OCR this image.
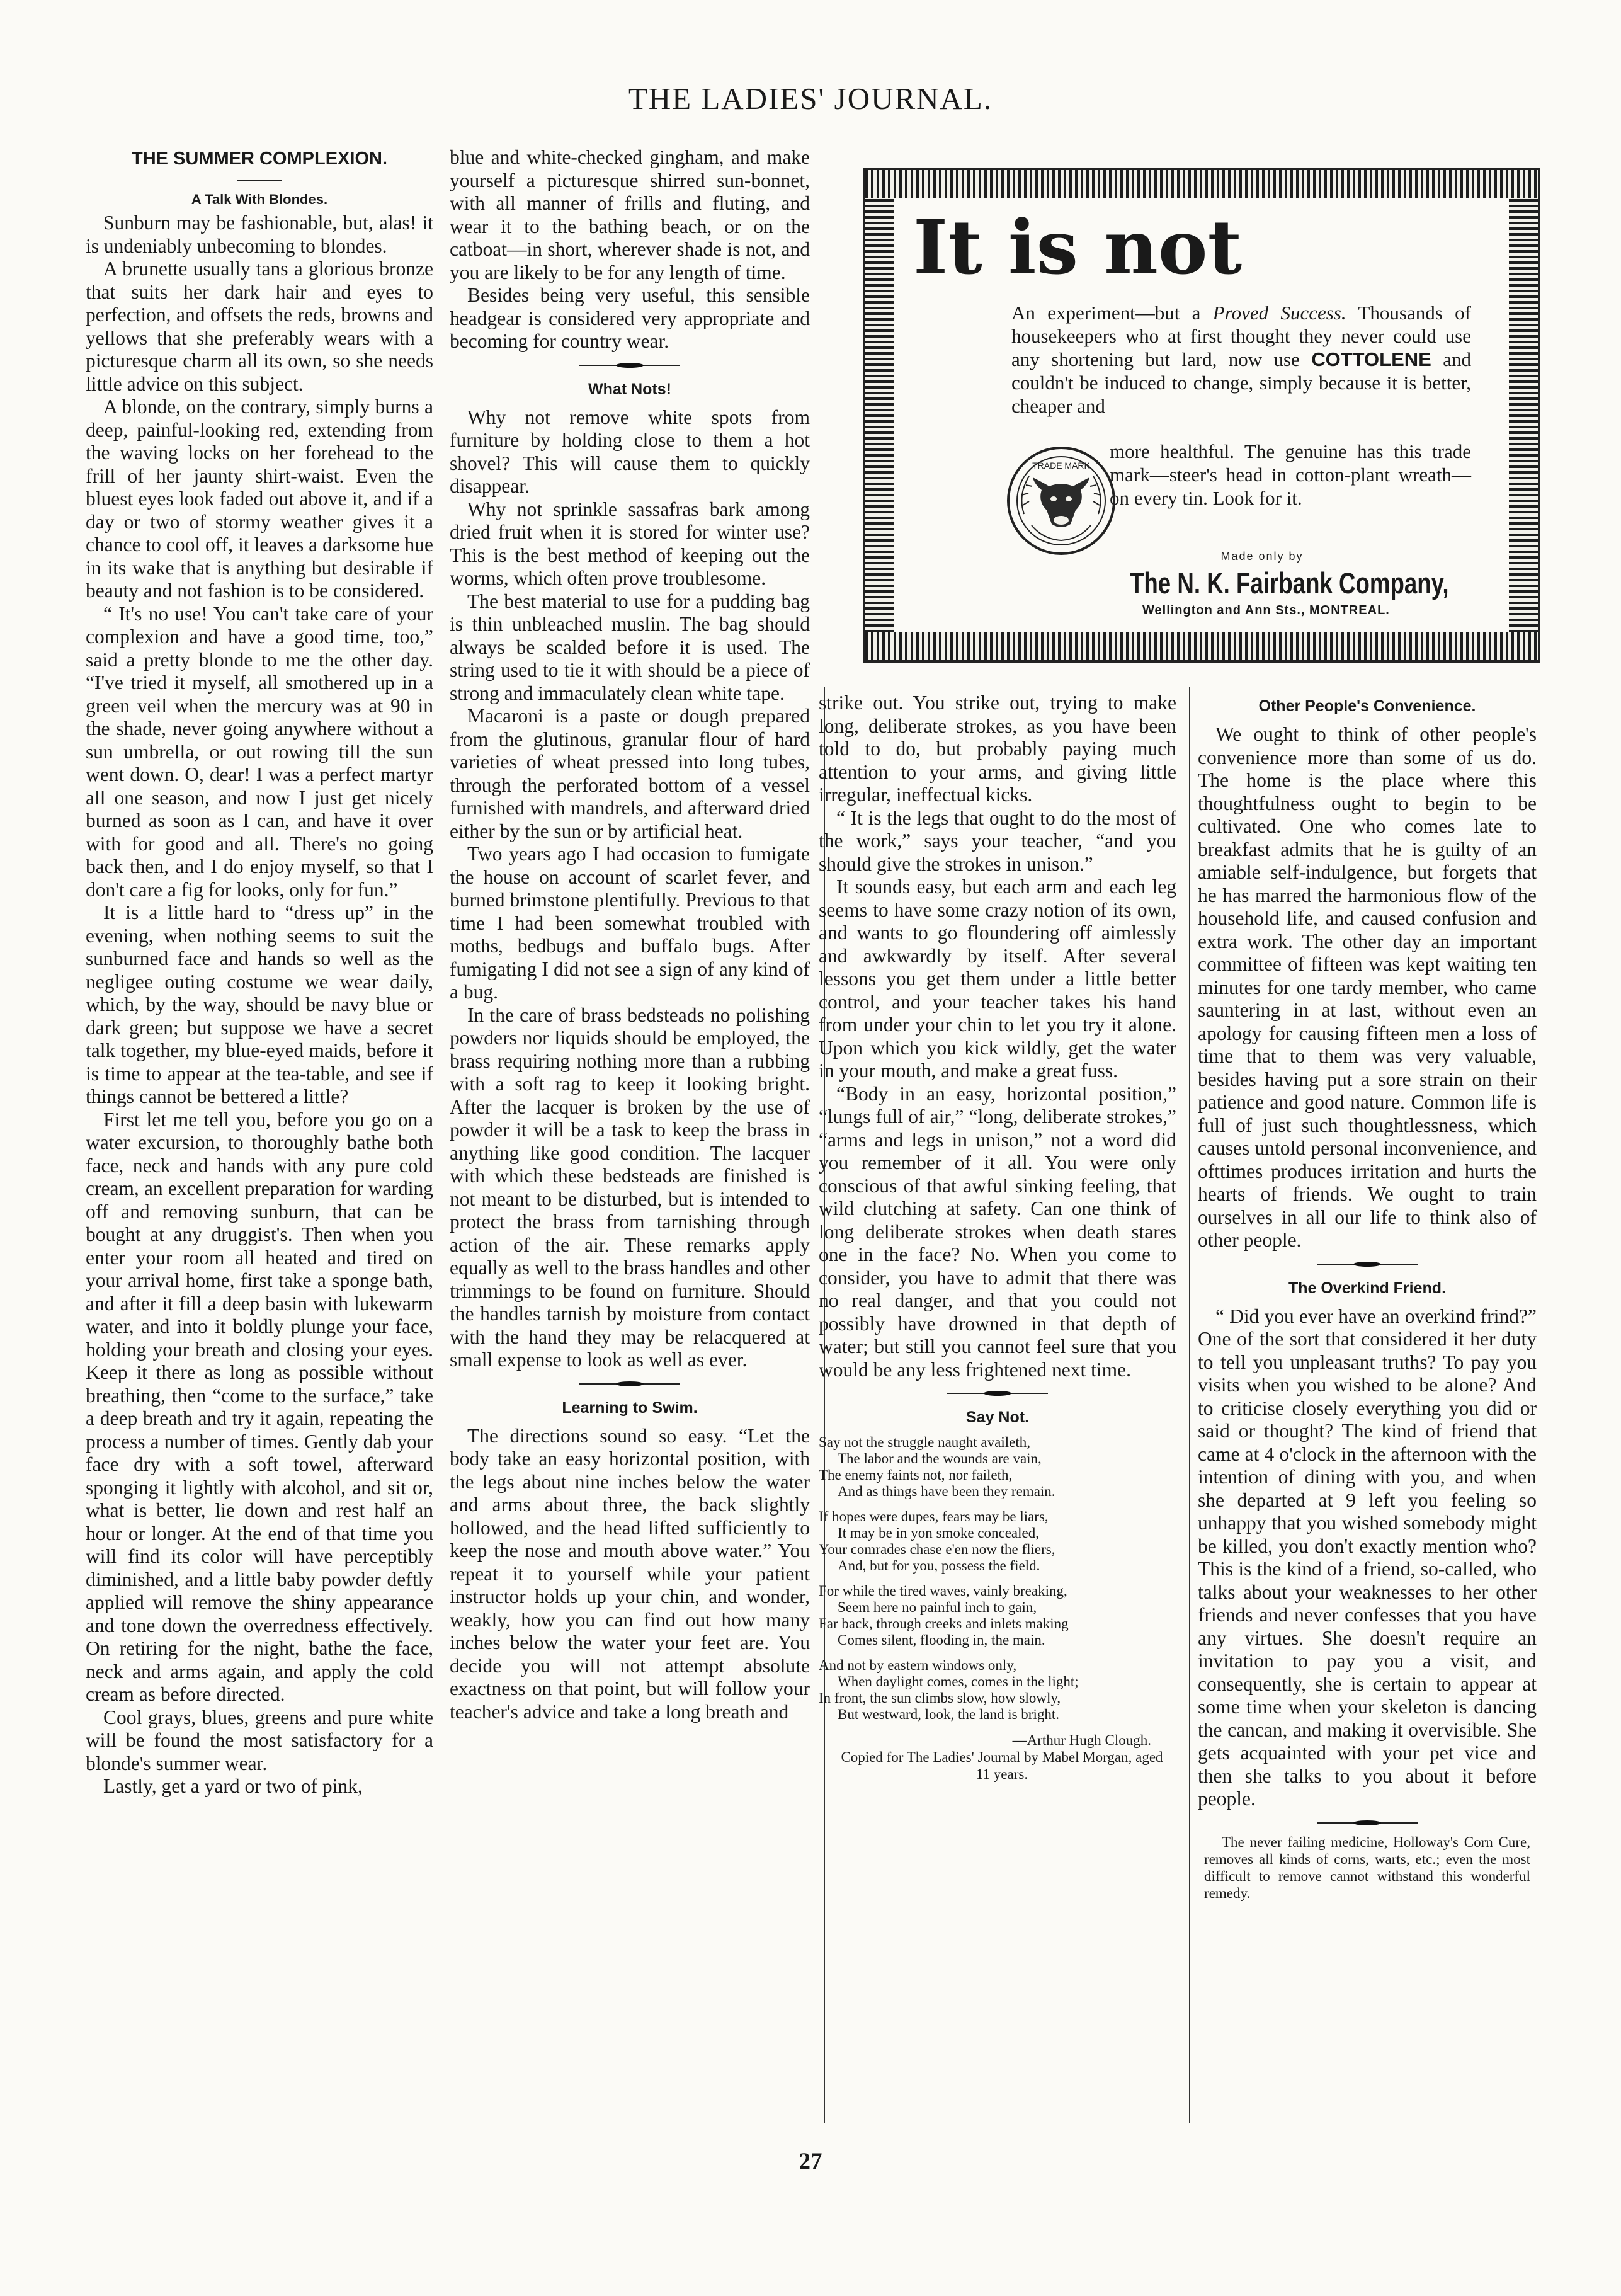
THE LADIES' JOURNAL.

THE SUMMER COMPLEXION.

A Talk With Blondes.

Sunburn may be fashionable, but, alas! it is undeniably unbecoming to blondes.

A brunette usually tans a glorious bronze that suits her dark hair and eyes to perfection, and offsets the reds, browns and yellows that she preferably wears with a picturesque charm all its own, so she needs little advice on this subject.

A blonde, on the contrary, simply burns a deep, painful-looking red, extending from the waving locks on her forehead to the frill of her jaunty shirt-waist. Even the bluest eyes look faded out above it, and if a day or two of stormy weather gives it a chance to cool off, it leaves a darksome hue in its wake that is anything but desirable if beauty and not fashion is to be considered.

“ It's no use! You can't take care of your complexion and have a good time, too,” said a pretty blonde to me the other day. “I've tried it myself, all smothered up in a green veil when the mercury was at 90 in the shade, never going anywhere without a sun umbrella, or out rowing till the sun went down. O, dear! I was a perfect martyr all one season, and now I just get nicely burned as soon as I can, and have it over with for good and all. There's no going back then, and I do enjoy myself, so that I don't care a fig for looks, only for fun.”

It is a little hard to “dress up” in the evening, when nothing seems to suit the sunburned face and hands so well as the negligee outing costume we wear daily, which, by the way, should be navy blue or dark green; but suppose we have a secret talk together, my blue-eyed maids, before it is time to appear at the tea-table, and see if things cannot be bettered a little?

First let me tell you, before you go on a water excursion, to thoroughly bathe both face, neck and hands with any pure cold cream, an excellent preparation for warding off and removing sunburn, that can be bought at any druggist's. Then when you enter your room all heated and tired on your arrival home, first take a sponge bath, and after it fill a deep basin with lukewarm water, and into it boldly plunge your face, holding your breath and closing your eyes. Keep it there as long as possible without breathing, then “come to the surface,” take a deep breath and try it again, repeating the process a number of times. Gently dab your face dry with a soft towel, afterward sponging it lightly with alcohol, and sit or, what is better, lie down and rest half an hour or longer. At the end of that time you will find its color will have perceptibly diminished, and a little baby powder deftly applied will remove the shiny appearance and tone down the overredness effectively. On retiring for the night, bathe the face, neck and arms again, and apply the cold cream as before directed.

Cool grays, blues, greens and pure white will be found the most satisfactory for a blonde's summer wear.

Lastly, get a yard or two of pink,

blue and white-checked gingham, and make yourself a picturesque shirred sun-bonnet, with all manner of frills and fluting, and wear it to the bathing beach, or on the catboat—in short, wherever shade is not, and you are likely to be for any length of time.

Besides being very useful, this sensible headgear is considered very appropriate and becoming for country wear.

What Nots!

Why not remove white spots from furniture by holding close to them a hot shovel? This will cause them to quickly disappear.

Why not sprinkle sassafras bark among dried fruit when it is stored for winter use? This is the best method of keeping out the worms, which often prove troublesome.

The best material to use for a pudding bag is thin unbleached muslin. The bag should always be scalded before it is used. The string used to tie it with should be a piece of strong and immaculately clean white tape.

Macaroni is a paste or dough prepared from the glutinous, granular flour of hard varieties of wheat pressed into long tubes, through the perforated bottom of a vessel furnished with mandrels, and afterward dried either by the sun or by artificial heat.

Two years ago I had occasion to fumigate the house on account of scarlet fever, and burned brimstone plentifully. Previous to that time I had been somewhat troubled with moths, bedbugs and buffalo bugs. After fumigating I did not see a sign of any kind of a bug.

In the care of brass bedsteads no polishing powders nor liquids should be employed, the brass requiring nothing more than a rubbing with a soft rag to keep it looking bright. After the lacquer is broken by the use of powder it will be a task to keep the brass in anything like good condition. The lacquer with which these bedsteads are finished is not meant to be disturbed, but is intended to protect the brass from tarnishing through action of the air. These remarks apply equally as well to the brass handles and other trimmings to be found on furniture. Should the handles tarnish by moisture from contact with the hand they may be relacquered at small expense to look as well as ever.

Learning to Swim.

The directions sound so easy. “Let the body take an easy horizontal position, with the legs about nine inches below the water and arms about three, the back slightly hollowed, and the head lifted sufficiently to keep the nose and mouth above water.” You repeat it to yourself while your patient instructor holds up your chin, and wonder, weakly, how you can find out how many inches below the water your feet are. You decide you will not attempt absolute exactness on that point, but will follow your teacher's advice and take a long breath and

It is not
An experiment—but a Proved Success. Thousands of housekeepers who at first thought they never could use any shortening but lard, now use COTTOLENE and couldn't be induced to change, simply because it is better, cheaper and
more healthful. The genuine has this trade mark—steer's head in cotton-plant wreath—on every tin. Look for it.
TRADE MARK
Made only by
The N. K. Fairbank Company,
Wellington and Ann Sts., MONTREAL.

strike out. You strike out, trying to make long, deliberate strokes, as you have been told to do, but probably paying much attention to your arms, and giving little irregular, ineffectual kicks.

“ It is the legs that ought to do the most of the work,” says your teacher, “and you should give the strokes in unison.”

It sounds easy, but each arm and each leg seems to have some crazy notion of its own, and wants to go floundering off aimlessly and awkwardly by itself. After several lessons you get them under a little better control, and your teacher takes his hand from under your chin to let you try it alone. Upon which you kick wildly, get the water in your mouth, and make a great fuss.

“Body in an easy, horizontal position,” “lungs full of air,” “long, deliberate strokes,” “arms and legs in unison,” not a word did you remember of it all. You were only conscious of that awful sinking feeling, that wild clutching at safety. Can one think of long deliberate strokes when death stares one in the face? No. When you come to consider, you have to admit that there was no real danger, and that you could not possibly have drowned in that depth of water; but still you cannot feel sure that you would be any less frightened next time.

Say Not.

Say not the struggle naught availeth,
The labor and the wounds are vain,
The enemy faints not, nor faileth,
And as things have been they remain.
If hopes were dupes, fears may be liars,
It may be in yon smoke concealed,
Your comrades chase e'en now the fliers,
And, but for you, possess the field.
For while the tired waves, vainly breaking,
Seem here no painful inch to gain,
Far back, through creeks and inlets making
Comes silent, flooding in, the main.
And not by eastern windows only,
When daylight comes, comes in the light;
In front, the sun climbs slow, how slowly,
But westward, look, the land is bright.

—Arthur Hugh Clough.

Copied for The Ladies' Journal by Mabel Morgan, aged 11 years.

Other People's Convenience.

We ought to think of other people's convenience more than some of us do. The home is the place where this thoughtfulness ought to begin to be cultivated. One who comes late to breakfast admits that he is guilty of an amiable self-indulgence, but forgets that he has marred the harmonious flow of the household life, and caused confusion and extra work. The other day an important committee of fifteen was kept waiting ten minutes for one tardy member, who came sauntering in at last, without even an apology for causing fifteen men a loss of time that to them was very valuable, besides having put a sore strain on their patience and good nature. Common life is full of just such thoughtlessness, which causes untold personal inconvenience, and ofttimes produces irritation and hurts the hearts of friends. We ought to train ourselves in all our life to think also of other people.

The Overkind Friend.

“ Did you ever have an overkind frind?” One of the sort that considered it her duty to tell you unpleasant truths? To pay you visits when you wished to be alone? And to criticise closely everything you did or said or thought? The kind of friend that came at 4 o'clock in the afternoon with the intention of dining with you, and when she departed at 9 left you feeling so unhappy that you wished somebody might be killed, you don't exactly mention who? This is the kind of a friend, so-called, who talks about your weaknesses to her other friends and never confesses that you have any virtues. She doesn't require an invitation to pay you a visit, and consequently, she is certain to appear at some time when your skeleton is dancing the cancan, and making it overvisible. She gets acquainted with your pet vice and then she talks to you about it before people.

The never failing medicine, Holloway's Corn Cure, removes all kinds of corns, warts, etc.; even the most difficult to remove cannot withstand this wonderful remedy.

27
